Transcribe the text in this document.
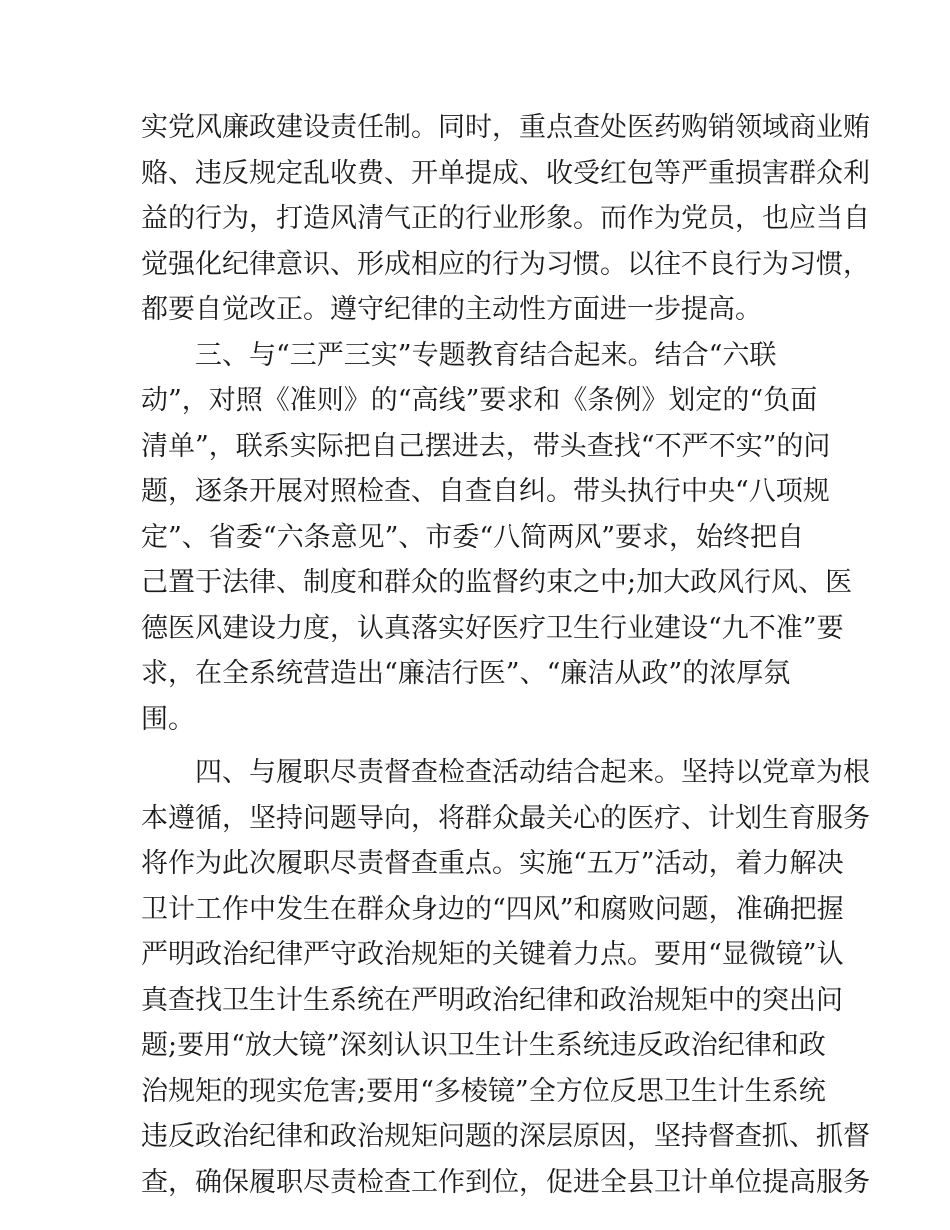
实党风廉政建设责任制。同时，重点查处医药购销领域商业贿
赂、违反规定乱收费、开单提成、收受红包等严重损害群众利
益的行为，打造风清气正的行业形象。而作为党员，也应当自
觉强化纪律意识、形成相应的行为习惯。以往不良行为习惯，
都要自觉改正。遵守纪律的主动性方面进一步提高。
三、与“三严三实”专题教育结合起来。结合“六联
动”，对照《准则》的“高线”要求和《条例》划定的“负面
清单”，联系实际把自己摆进去，带头查找“不严不实”的问
题，逐条开展对照检查、自查自纠。带头执行中央“八项规
定”、省委“六条意见”、市委“八简两风”要求，始终把自
己置于法律、制度和群众的监督约束之中;加大政风行风、医
德医风建设力度，认真落实好医疗卫生行业建设“九不准”要
求，在全系统营造出“廉洁行医”、“廉洁从政”的浓厚氛
围。
四、与履职尽责督查检查活动结合起来。坚持以党章为根
本遵循，坚持问题导向，将群众最关心的医疗、计划生育服务
将作为此次履职尽责督查重点。实施“五万”活动，着力解决
卫计工作中发生在群众身边的“四风”和腐败问题，准确把握
严明政治纪律严守政治规矩的关键着力点。要用“显微镜”认
真查找卫生计生系统在严明政治纪律和政治规矩中的突出问
题;要用“放大镜”深刻认识卫生计生系统违反政治纪律和政
治规矩的现实危害;要用“多棱镜”全方位反思卫生计生系统
违反政治纪律和政治规矩问题的深层原因，坚持督查抓、抓督
查，确保履职尽责检查工作到位，促进全县卫计单位提高服务
